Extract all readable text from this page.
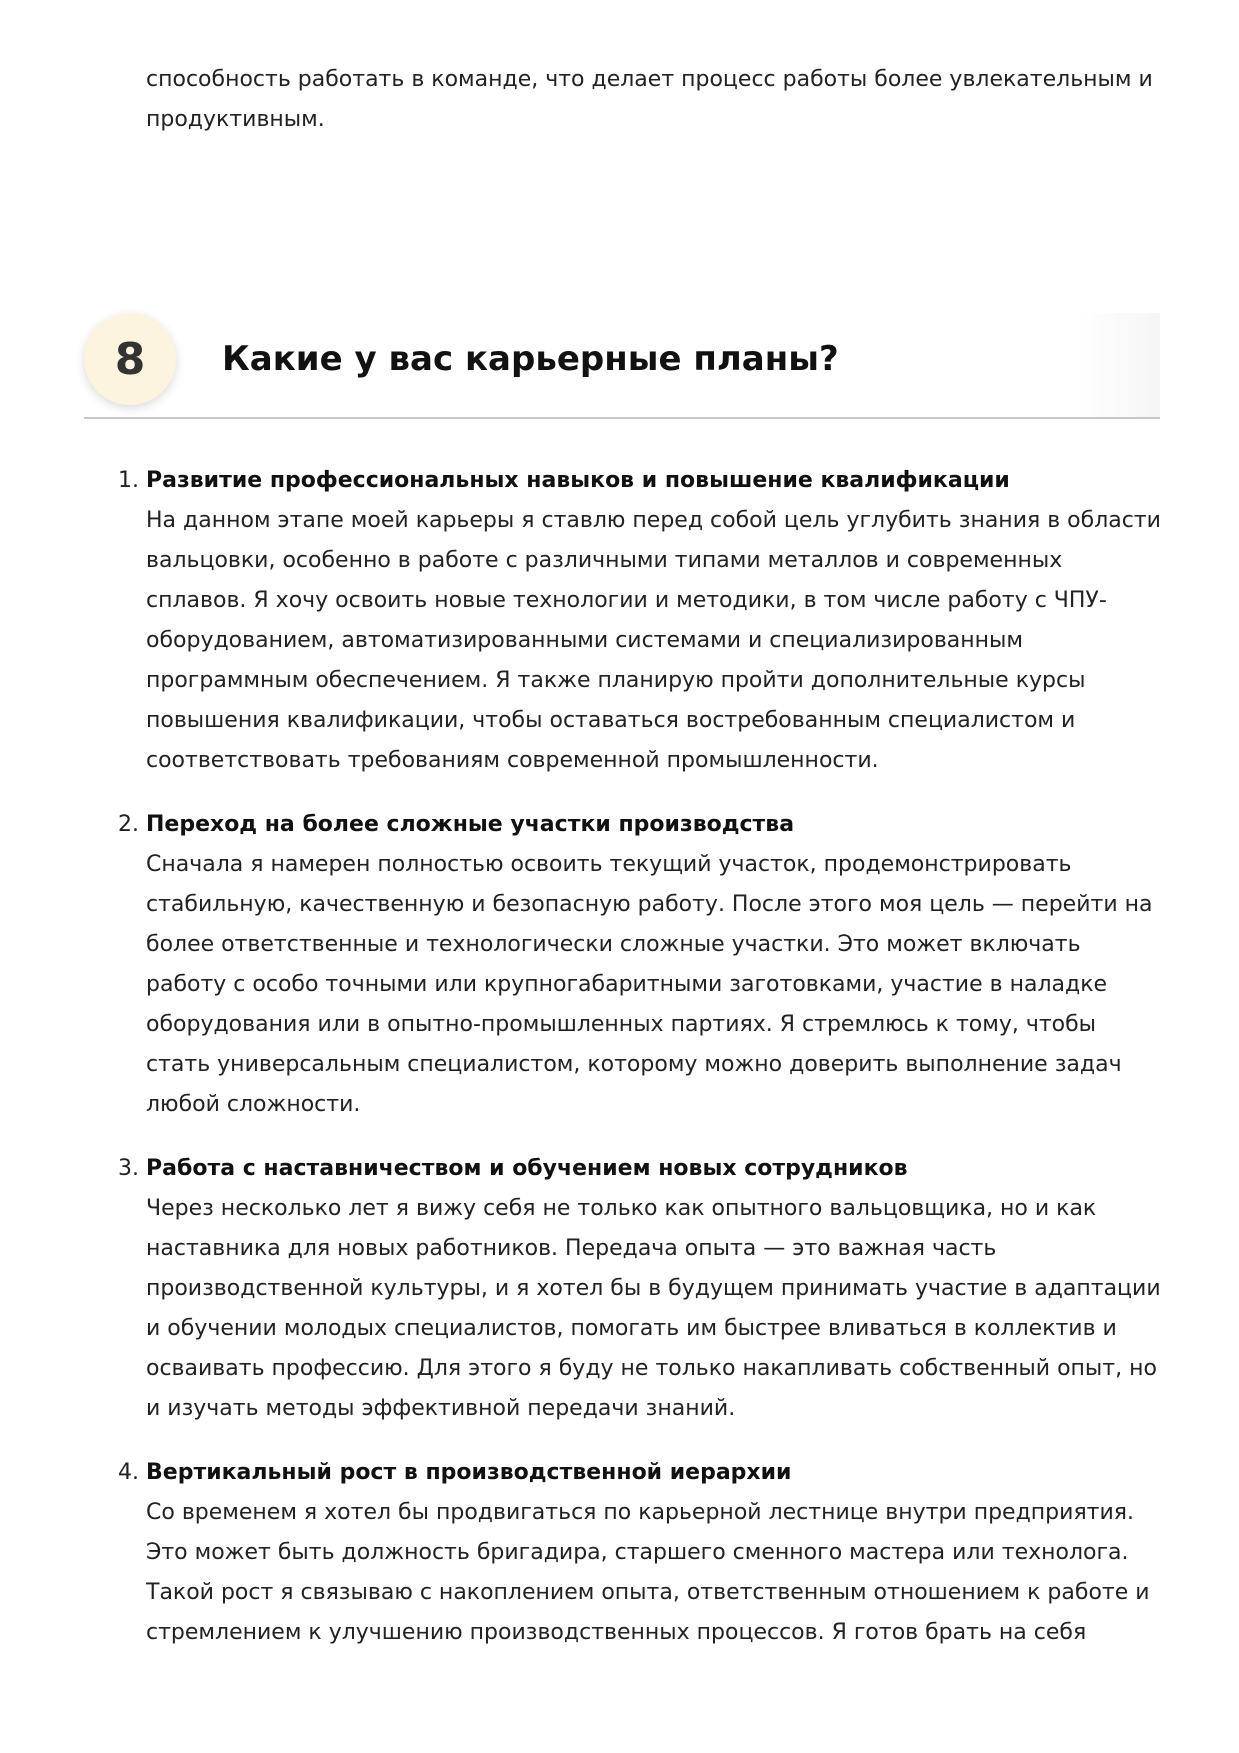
способность работать в команде, что делает процесс работы более увлекательным и продуктивным.

8	Какие у вас карьерные планы?
1. Развитие профессиональных навыков и повышение квалификации

На данном этапе моей карьеры я ставлю перед собой цель углубить знания в области вальцовки, особенно в работе с различными типами металлов и современных сплавов. Я хочу освоить новые технологии и методики, в том числе работу с ЧПУ-оборудованием, автоматизированными системами и специализированным программным обеспечением. Я также планирую пройти дополнительные курсы повышения квалификации, чтобы оставаться востребованным специалистом и соответствовать требованиям современной промышленности.

2. Переход на более сложные участки производства

Сначала я намерен полностью освоить текущий участок, продемонстрировать стабильную, качественную и безопасную работу. После этого моя цель — перейти на более ответственные и технологически сложные участки. Это может включать работу с особо точными или крупногабаритными заготовками, участие в наладке оборудования или в опытно-промышленных партиях. Я стремлюсь к тому, чтобы стать универсальным специалистом, которому можно доверить выполнение задач любой сложности.

3. Работа с наставничеством и обучением новых сотрудников

Через несколько лет я вижу себя не только как опытного вальцовщика, но и как наставника для новых работников. Передача опыта — это важная часть производственной культуры, и я хотел бы в будущем принимать участие в адаптации и обучении молодых специалистов, помогать им быстрее вливаться в коллектив и осваивать профессию. Для этого я буду не только накапливать собственный опыт, но и изучать методы эффективной передачи знаний.

4. Вертикальный рост в производственной иерархии

Со временем я хотел бы продвигаться по карьерной лестнице внутри предприятия. Это может быть должность бригадира, старшего сменного мастера или технолога. Такой рост я связываю с накоплением опыта, ответственным отношением к работе и стремлением к улучшению производственных процессов. Я готов брать на себя
